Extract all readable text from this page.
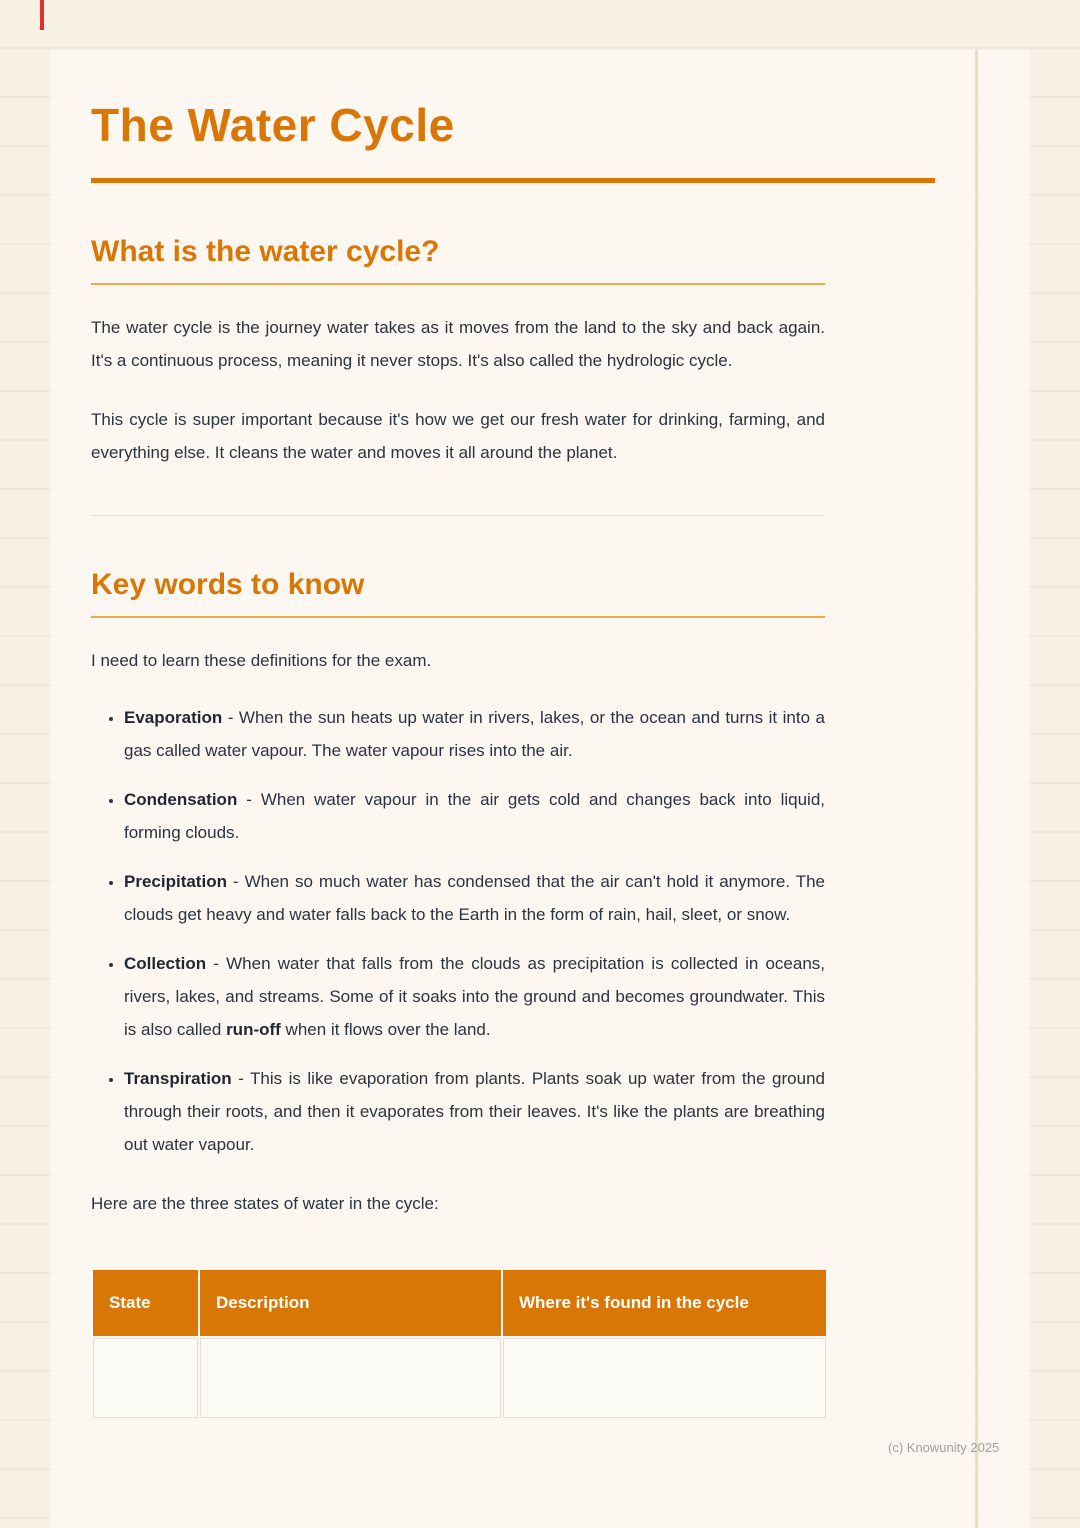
The Water Cycle
What is the water cycle?

The water cycle is the journey water takes as it moves from the land to the sky and back again. It's a continuous process, meaning it never stops. It's also called the hydrologic cycle.

This cycle is super important because it's how we get our fresh water for drinking, farming, and everything else. It cleans the water and moves it all around the planet.

Key words to know

I need to learn these definitions for the exam.

• Evaporation - When the sun heats up water in rivers, lakes, or the ocean and turns it into a gas called water vapour. The water vapour rises into the air.
• Condensation - When water vapour in the air gets cold and changes back into liquid, forming clouds.
• Precipitation - When so much water has condensed that the air can't hold it anymore. The clouds get heavy and water falls back to the Earth in the form of rain, hail, sleet, or snow.
• Collection - When water that falls from the clouds as precipitation is collected in oceans, rivers, lakes, and streams. Some of it soaks into the ground and becomes groundwater. This is also called run-off when it flows over the land.
• Transpiration - This is like evaporation from plants. Plants soak up water from the ground through their roots, and then it evaporates from their leaves. It's like the plants are breathing out water vapour.

Here are the three states of water in the cycle:

State	Description	Where it's found in the cycle

(c) Knowunity 2025
